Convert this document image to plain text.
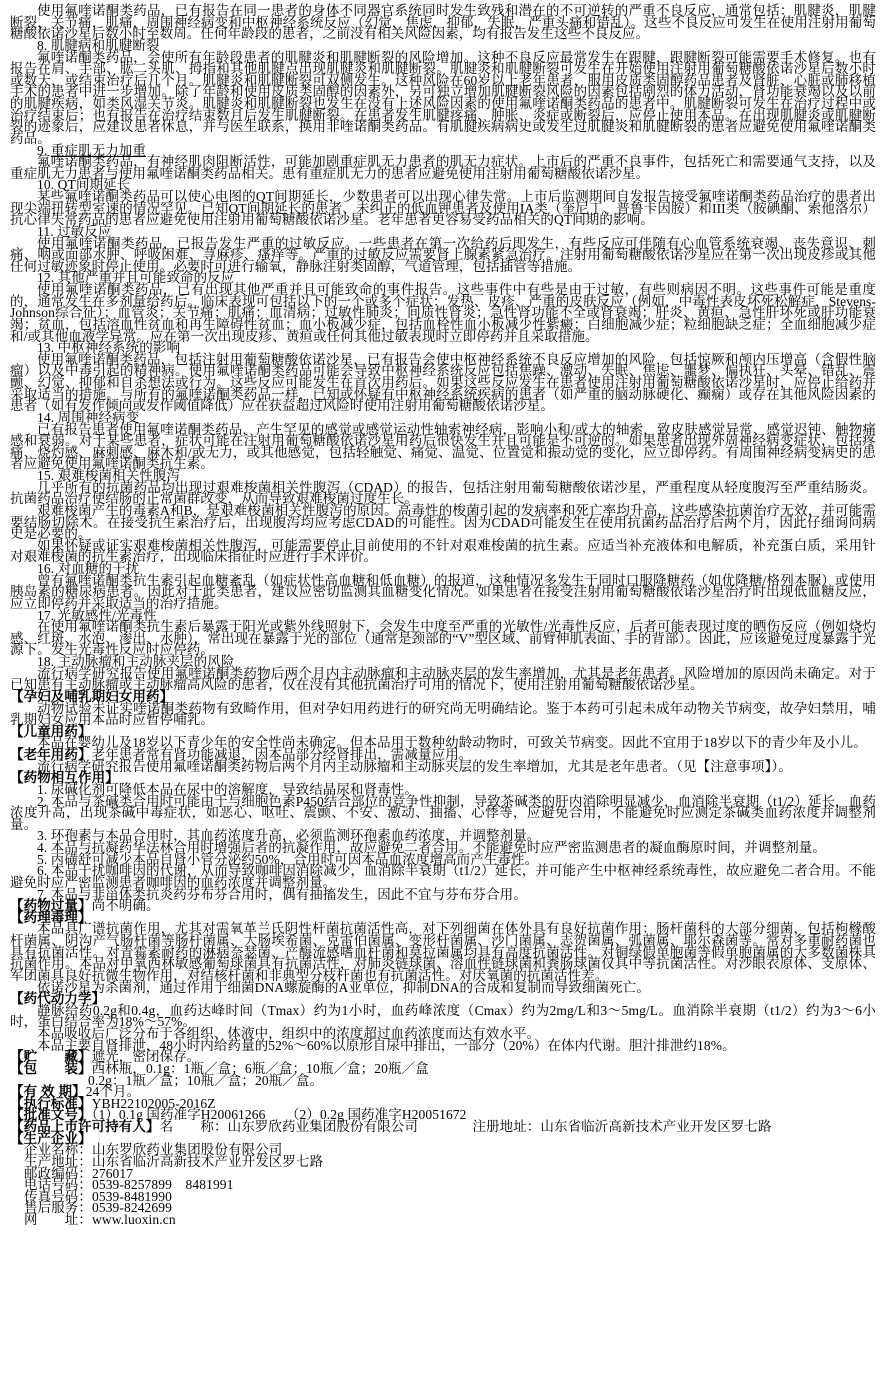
使用氟喹诺酮类药品，已有报告在同一患者的身体不同器官系统同时发生致残和潜在的不可逆转的严重不良反应，通常包括：肌腱炎，肌腱断裂，关节痛，肌痛，周围神经病变和中枢神经系统反应（幻觉，焦虑，抑郁，失眠，严重头痛和错乱）。这些不良反应可发生在使用注射用葡萄糖酸依诺沙星后数小时至数周。任何年龄段的患者，之前没有相关风险因素，均有报告发生这些不良反应。
8. 肌腱病和肌腱断裂
氟喹诺酮类药品，会使所有年龄段患者的肌腱炎和肌腱断裂的风险增加。这种不良反应最常发生在跟腱，跟腱断裂可能需要手术修复。也有报告在肩、手部、肱二头肌、拇指和其他肌腱点出现肌腱炎和肌腱断裂。肌腱炎和肌腱断裂可发生在开始使用注射用葡萄糖酸依诺沙星后数小时或数天，或结束治疗后几个月。肌腱炎和肌腱断裂可双侧发生。这种风险在60岁以上老年患者，服用皮质类固醇药品患者及肾脏、心脏或肺移植手术的患者中进一步增加。除了年龄和使用皮质类固醇的因素外，另可独立增加肌腱断裂风险的因素包括剧烈的体力活动，肾功能衰竭以及以前的肌腱疾病，如类风湿关节炎。肌腱炎和肌腱断裂也发生在没有上述风险因素的使用氟喹诺酮类药品的患者中。肌腱断裂可发生在治疗过程中或治疗结束后；也有报告在治疗结束数月后发生肌腱断裂。在患者发生肌腱疼痛、肿胀、炎症或断裂后，应停止使用本品。在出现肌腱炎或肌腱断裂的迹象后，应建议患者休息，并与医生联系，换用非喹诺酮类药品。有肌腱疾病病史或发生过肌腱炎和肌腱断裂的患者应避免使用氟喹诺酮类药品。
9. 重症肌无力加重
氟喹诺酮类药品，有神经肌肉阻断活性，可能加剧重症肌无力患者的肌无力症状。上市后的严重不良事件，包括死亡和需要通气支持，以及重症肌无力患者与使用氟喹诺酮类药品相关。患有重症肌无力的患者应避免使用注射用葡萄糖酸依诺沙星。
10. QT间期延长
某些氟喹诺酮类药品可以使心电图的QT间期延长，少数患者可以出现心律失常。上市后监测期间自发报告接受氟喹诺酮类药品治疗的患者出现尖端扭转型室速的情况罕见。已知QT间期延长的患者、未纠正的低血钾患者及使用IA类（奎尼丁、普鲁卡因胺）和III类（胺碘酮、索他洛尔）抗心律失常药品的患者应避免使用注射用葡萄糖酸依诺沙星。老年患者更容易受药品相关的QT间期的影响。
11. 过敏反应
使用氟喹诺酮类药品，已报告发生严重的过敏反应。一些患者在第一次给药后即发生，有些反应可伴随有心血管系统衰竭、丧失意识、刺痛、咽或面部水肿、呼吸困难、荨麻疹、瘙痒等。严重的过敏反应需要肾上腺素紧急治疗。注射用葡萄糖酸依诺沙星应在第一次出现皮疹或其他任何过敏迹象时停止使用。必要时可进行输氧，静脉注射类固醇，气道管理，包括插管等措施。
12. 其他严重并且可能致命的反应
使用氟喹诺酮类药品，已有出现其他严重并且可能致命的事件报告。这些事件中有些是由于过敏，有些则病因不明。这些事件可能是重度的，通常发生在多剂量给药后。临床表现可包括以下的一个或多个症状：发热、皮疹、严重的皮肤反应（例如，中毒性表皮坏死松解症，Stevens-Johnson综合征）；血管炎；关节痛；肌痛；血清病；过敏性肺炎；间质性肾炎；急性肾功能不全或肾衰竭；肝炎、黄疸、急性肝坏死或肝功能衰竭；贫血，包括溶血性贫血和再生障碍性贫血；血小板减少症，包括血栓性血小板减少性紫癜；白细胞减少症；粒细胞缺乏症；全血细胞减少症和/或其他血液学异常。应在第一次出现皮疹、黄疸或任何其他过敏表现时立即停药并且采取措施。
13. 中枢神经系统的影响
使用氟喹诺酮类药品，包括注射用葡萄糖酸依诺沙星，已有报告会使中枢神经系统不良反应增加的风险，包括惊厥和颅内压增高（含假性脑瘤）以及中毒引起的精神病。使用氟喹诺酮类药品可能会导致中枢神经系统反应包括焦躁、激动、失眠、焦虑、噩梦、偏执狂、头晕、错乱、震颤、幻觉、抑郁和自杀想法或行为。这些反应可能发生在首次用药后。如果这些反应发生在患者使用注射用葡萄糖酸依诺沙星时，应停止给药并采取适当的措施。与所有的氟喹诺酮类药品一样，已知或怀疑有中枢神经系统疾病的患者（如严重的脑动脉硬化、癫痫）或存在其他风险因素的患者（如有发作倾向或发作阈值降低）应在获益超过风险时使用注射用葡萄糖酸依诺沙星。
14. 周围神经病变
已有报告患者使用氟喹诺酮类药品，产生罕见的感觉或感觉运动性轴索神经病，影响小和/或大的轴索，致皮肤感觉异常、感觉迟钝、触物痛感和衰弱。对于某些患者，症状可能在注射用葡萄糖酸依诺沙星用药后很快发生并且可能是不可逆的。如果患者出现外周神经病变症状，包括疼痛、烧灼感、麻刺感、麻木和/或无力，或其他感觉，包括轻触觉、痛觉、温觉、位置觉和振动觉的变化，应立即停药。有周围神经病变病史的患者应避免使用氟喹诺酮类抗生素。
15. 艰难梭菌相关性腹泻
几乎所有的抗菌药品均出现过艰难梭菌相关性腹泻（CDAD）的报告，包括注射用葡萄糖酸依诺沙星，严重程度从轻度腹泻至严重结肠炎。抗菌药品治疗使结肠的正常菌群改变，从而导致艰难梭菌过度生长。
艰难梭菌产生的毒素A和B，是艰难梭菌相关性腹泻的原因。高毒性的梭菌引起的发病率和死亡率均升高，这些感染抗菌治疗无效，并可能需要结肠切除术。在接受抗生素治疗后，出现腹泻均应考虑CDAD的可能性。因为CDAD可能发生在使用抗菌药品治疗后两个月，因此仔细询问病史是必要的。
如果怀疑或证实艰难梭菌相关性腹泻，可能需要停止目前使用的不针对艰难梭菌的抗生素。应适当补充液体和电解质，补充蛋白质，采用针对艰难梭菌的抗生素治疗，出现临床指征时应进行手术评价。
16. 对血糖的干扰
曾有氟喹诺酮类抗生素引起血糖紊乱（如症状性高血糖和低血糖）的报道，这种情况多发生于同时口服降糖药（如优降糖/格列本脲）或使用胰岛素的糖尿病患者。因此对于此类患者，建议应密切监测其血糖变化情况。如果患者在接受注射用葡萄糖酸依诺沙星治疗时出现低血糖反应，应立即停药并采取适当的治疗措施。
17. 光敏感性/光毒性
在使用氟喹诺酮类抗生素后暴露于阳光或紫外线照射下，会发生中度至严重的光敏性/光毒性反应，后者可能表现过度的晒伤反应（例如烧灼感、红斑、水泡、渗出、水肿），常出现在暴露于光的部位（通常是颈部的“V”型区域、前臂伸肌表面、手的背部）。因此，应该避免过度暴露于光源下。发生光毒性反应时应停药。
18. 主动脉瘤和主动脉夹层的风险
流行病学研究报告使用氟喹诺酮类药物后两个月内主动脉瘤和主动脉夹层的发生率增加，尤其是老年患者。风险增加的原因尚未确定。对于已知患有主动脉瘤或主动脉瘤高风险的患者，仅在没有其他抗菌治疗可用的情况下，使用注射用葡萄糖酸依诺沙星。
【孕妇及哺乳期妇女用药】
动物试验未证实喹诺酮类药物有致畸作用，但对孕妇用药进行的研究尚无明确结论。鉴于本药可引起未成年动物关节病变，故孕妇禁用，哺乳期妇女应用本品时应暂停哺乳。
【儿童用药】
本品在婴幼儿及18岁以下青少年的安全性尚未确定。但本品用于数种幼龄动物时，可致关节病变。因此不宜用于18岁以下的青少年及小儿。
【老年用药】老年患者常有肾功能减退，因本品部分经肾排出，需减量应用。
流行病学研究报告使用氟喹诺酮类药物后两个月内主动脉瘤和主动脉夹层的发生率增加，尤其是老年患者。（见【注意事项】）。
【药物相互作用】
1. 尿碱化剂可降低本品在尿中的溶解度，导致结晶尿和肾毒性。
2. 本品与茶碱类合用时可能由于与细胞色素P450结合部位的竞争性抑制，导致茶碱类的肝内消除明显减少，血消除半衰期（t1/2）延长，血药浓度升高，出现茶碱中毒症状，如恶心、呕吐、震颤、不安、激动、抽搐、心悸等，应避免合用，不能避免时应测定茶碱类血药浓度并调整剂量。
3. 环孢素与本品合用时，其血药浓度升高，必须监测环孢素血药浓度，并调整剂量。
4. 本品与抗凝药华法林合用时增强后者的抗凝作用，故应避免二者合用。不能避免时应严密监测患者的凝血酶原时间，并调整剂量。
5. 丙磺舒可减少本品自肾小管分泌约50%，合用时可因本品血浓度增高而产生毒性。
6. 本品干扰咖啡因的代谢，从而导致咖啡因消除减少，血消除半衰期（t1/2）延长，并可能产生中枢神经系统毒性，故应避免二者合用。不能避免时应严密监测患者咖啡因的血药浓度并调整剂量。
7. 本品与非甾体类抗炎药芬布芬合用时，偶有抽搐发生，因此不宜与芬布芬合用。
【药物过量】尚不明确。
【药理毒理】
本品具广谱抗菌作用，尤其对需氧革兰氏阴性杆菌抗菌活性高，对下列细菌在体外具有良好抗菌作用：肠杆菌科的大部分细菌，包括枸橼酸杆菌属、阴沟产气肠杆菌等肠杆菌属、大肠埃希菌、克雷伯菌属、变形杆菌属、沙门菌属、志贺菌属、弧菌属、耶尔森菌等。常对多重耐药菌也具有抗菌活性。对青霉素耐药的淋病奈瑟菌、产酶流感嗜血杆菌和莫拉菌属均具有高度抗菌活性。对铜绿假单胞菌等假单胞菌属的大多数菌株具抗菌作用。本品对甲氧西林敏感葡萄球菌具有抗菌活性，对肺炎链球菌、溶血性链球菌和粪肠球菌仅具中等抗菌活性。对沙眼衣原体、支原体、军团菌具良好抗微生物作用，对结核杆菌和非典型分枝杆菌也有抗菌活性。对厌氧菌的抗菌活性差。
依诺沙星为杀菌剂，通过作用于细菌DNA螺旋酶的A亚单位，抑制DNA的合成和复制而导致细菌死亡。
【药代动力学】
静脉给药0.2g和0.4g，血药达峰时间（Tmax）约为1小时，血药峰浓度（Cmax）约为2mg/L和3～5mg/L。血消除半衰期（t1/2）约为3～6小时，蛋白结合率为18%～57%。
本品吸收后广泛分布于各组织、体液中，组织中的浓度超过血药浓度而达有效水平。
本品主要自肾排泄，48小时内给药量的52%～60%以原形自尿中排出，一部分（20%）在体内代谢。胆汁排泄约18%。
【贮　　藏】遮光，密闭保存。
【包　　装】西林瓶，0.1g：1瓶／盒；6瓶／盒；10瓶／盒；20瓶／盒
0.2g：1瓶／盒；10瓶／盒；20瓶／盒。
【有 效 期】24个月。
【执行标准】YBH22102005-2016Z
【批准文号】（1）0.1g 国药准字H20061266　　（2）0.2g 国药准字H20051672
【药品上市许可持有人】名　　称：山东罗欣药业集团股份有限公司　　　　注册地址：山东省临沂高新技术产业开发区罗七路
【生产企业】
企业名称：山东罗欣药业集团股份有限公司
生产地址：山东省临沂高新技术产业开发区罗七路
邮政编码：276017
电话号码：0539-8257899　8481991
传真号码：0539-8481990
售后服务：0539-8242699
网　　址：www.luoxin.cn
